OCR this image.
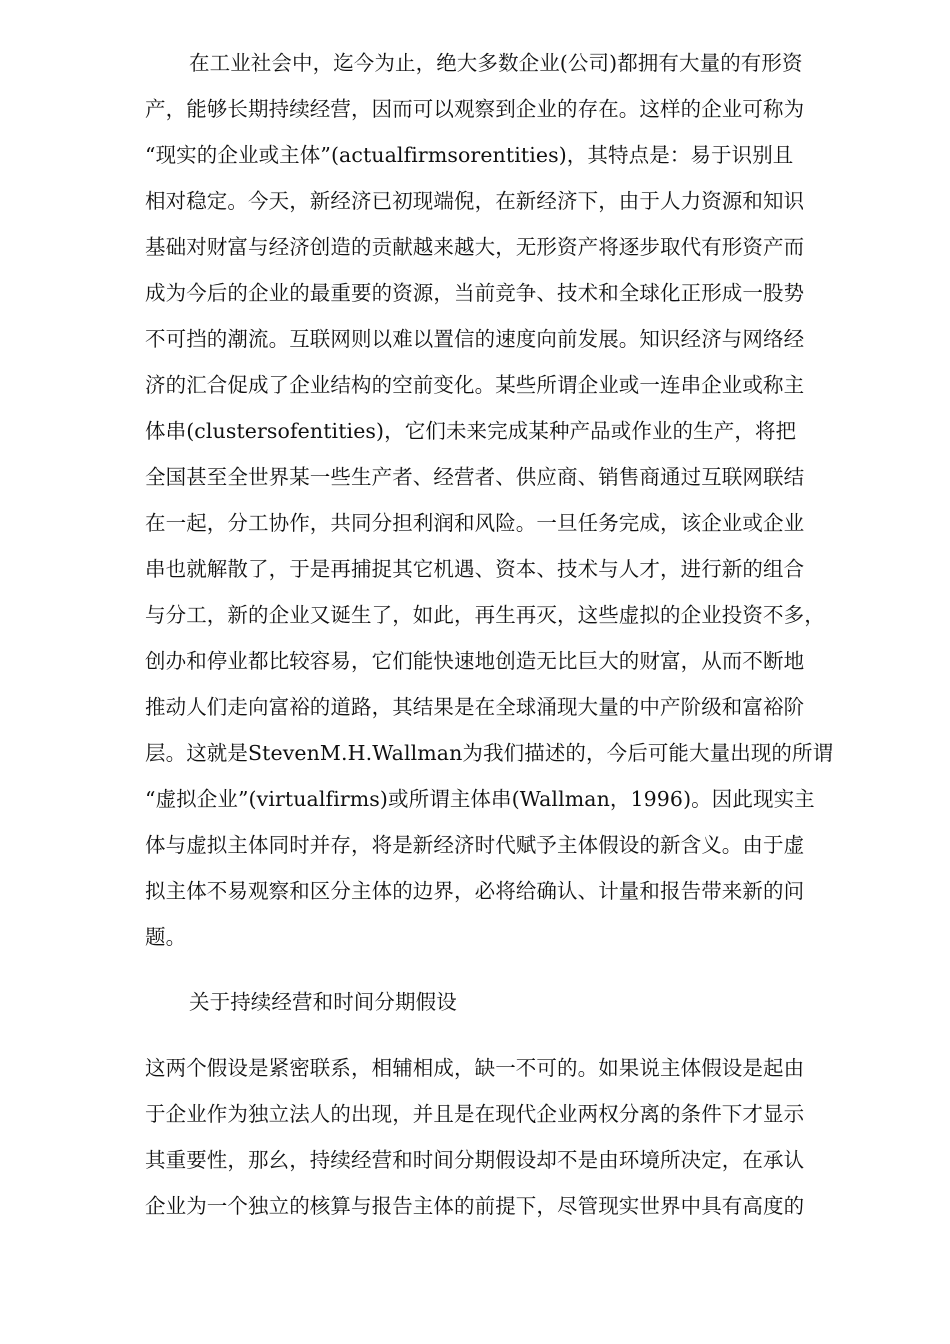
在工业社会中，迄今为止，绝大多数企业(公司)都拥有大量的有形资
产，能够长期持续经营，因而可以观察到企业的存在。这样的企业可称为
“现实的企业或主体”(actualfirmsorentities)，其特点是：易于识别且
相对稳定。今天，新经济已初现端倪，在新经济下，由于人力资源和知识
基础对财富与经济创造的贡献越来越大，无形资产将逐步取代有形资产而
成为今后的企业的最重要的资源，当前竞争、技术和全球化正形成一股势
不可挡的潮流。互联网则以难以置信的速度向前发展。知识经济与网络经
济的汇合促成了企业结构的空前变化。某些所谓企业或一连串企业或称主
体串(clustersofentities)，它们未来完成某种产品或作业的生产，将把
全国甚至全世界某一些生产者、经营者、供应商、销售商通过互联网联结
在一起，分工协作，共同分担利润和风险。一旦任务完成，该企业或企业
串也就解散了，于是再捕捉其它机遇、资本、技术与人才，进行新的组合
与分工，新的企业又诞生了，如此，再生再灭，这些虚拟的企业投资不多，
创办和停业都比较容易，它们能快速地创造无比巨大的财富，从而不断地
推动人们走向富裕的道路，其结果是在全球涌现大量的中产阶级和富裕阶
层。这就是StevenM.H.Wallman为我们描述的，今后可能大量出现的所谓
“虚拟企业”(virtualfirms)或所谓主体串(Wallman，1996)。因此现实主
体与虚拟主体同时并存，将是新经济时代赋予主体假设的新含义。由于虚
拟主体不易观察和区分主体的边界，必将给确认、计量和报告带来新的问
题。
关于持续经营和时间分期假设
这两个假设是紧密联系，相辅相成，缺一不可的。如果说主体假设是起由
于企业作为独立法人的出现，并且是在现代企业两权分离的条件下才显示
其重要性，那幺，持续经营和时间分期假设却不是由环境所决定，在承认
企业为一个独立的核算与报告主体的前提下，尽管现实世界中具有高度的
